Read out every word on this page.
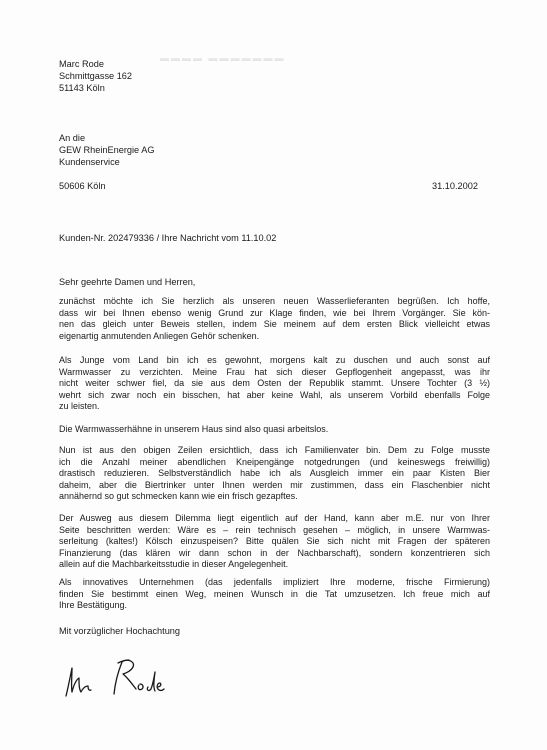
▬▬▬▬ ▬▬▬▬▬▬▬
Marc Rode
Schmittgasse 162
51143 Köln
An die
GEW RheinEnergie AG
Kundenservice
50606 Köln	31.10.2002
Kunden-Nr. 202479336 / Ihre Nachricht vom 11.10.02
Sehr geehrte Damen und Herren,
zunächst möchte ich Sie herzlich als unseren neuen Wasserlieferanten begrüßen. Ich hoffe,
dass wir bei Ihnen ebenso wenig Grund zur Klage finden, wie bei Ihrem Vorgänger. Sie kön-
nen das gleich unter Beweis stellen, indem Sie meinem auf dem ersten Blick vielleicht etwas
eigenartig anmutenden Anliegen Gehör schenken.
Als Junge vom Land bin ich es gewohnt, morgens kalt zu duschen und auch sonst auf
Warmwasser zu verzichten. Meine Frau hat sich dieser Gepflogenheit angepasst, was ihr
nicht weiter schwer fiel, da sie aus dem Osten der Republik stammt. Unsere Tochter (3 ½)
wehrt sich zwar noch ein bisschen, hat aber keine Wahl, als unserem Vorbild ebenfalls Folge
zu leisten.
Die Warmwasserhähne in unserem Haus sind also quasi arbeitslos.
Nun ist aus den obigen Zeilen ersichtlich, dass ich Familienvater bin. Dem zu Folge musste
ich die Anzahl meiner abendlichen Kneipengänge notgedrungen (und keineswegs freiwillig)
drastisch reduzieren. Selbstverständlich habe ich als Ausgleich immer ein paar Kisten Bier
daheim, aber die Biertrinker unter Ihnen werden mir zustimmen, dass ein Flaschenbier nicht
annähernd so gut schmecken kann wie ein frisch gezapftes.
Der Ausweg aus diesem Dilemma liegt eigentlich auf der Hand, kann aber m.E. nur von Ihrer
Seite beschritten werden: Wäre es – rein technisch gesehen – möglich, in unsere Warmwas-
serleitung (kaltes!) Kölsch einzuspeisen? Bitte quälen Sie sich nicht mit Fragen der späteren
Finanzierung (das klären wir dann schon in der Nachbarschaft), sondern konzentrieren sich
allein auf die Machbarkeitsstudie in dieser Angelegenheit.
Als innovatives Unternehmen (das jedenfalls impliziert Ihre moderne, frische Firmierung)
finden Sie bestimmt einen Weg, meinen Wunsch in die Tat umzusetzen. Ich freue mich auf
Ihre Bestätigung.
Mit vorzüglicher Hochachtung
